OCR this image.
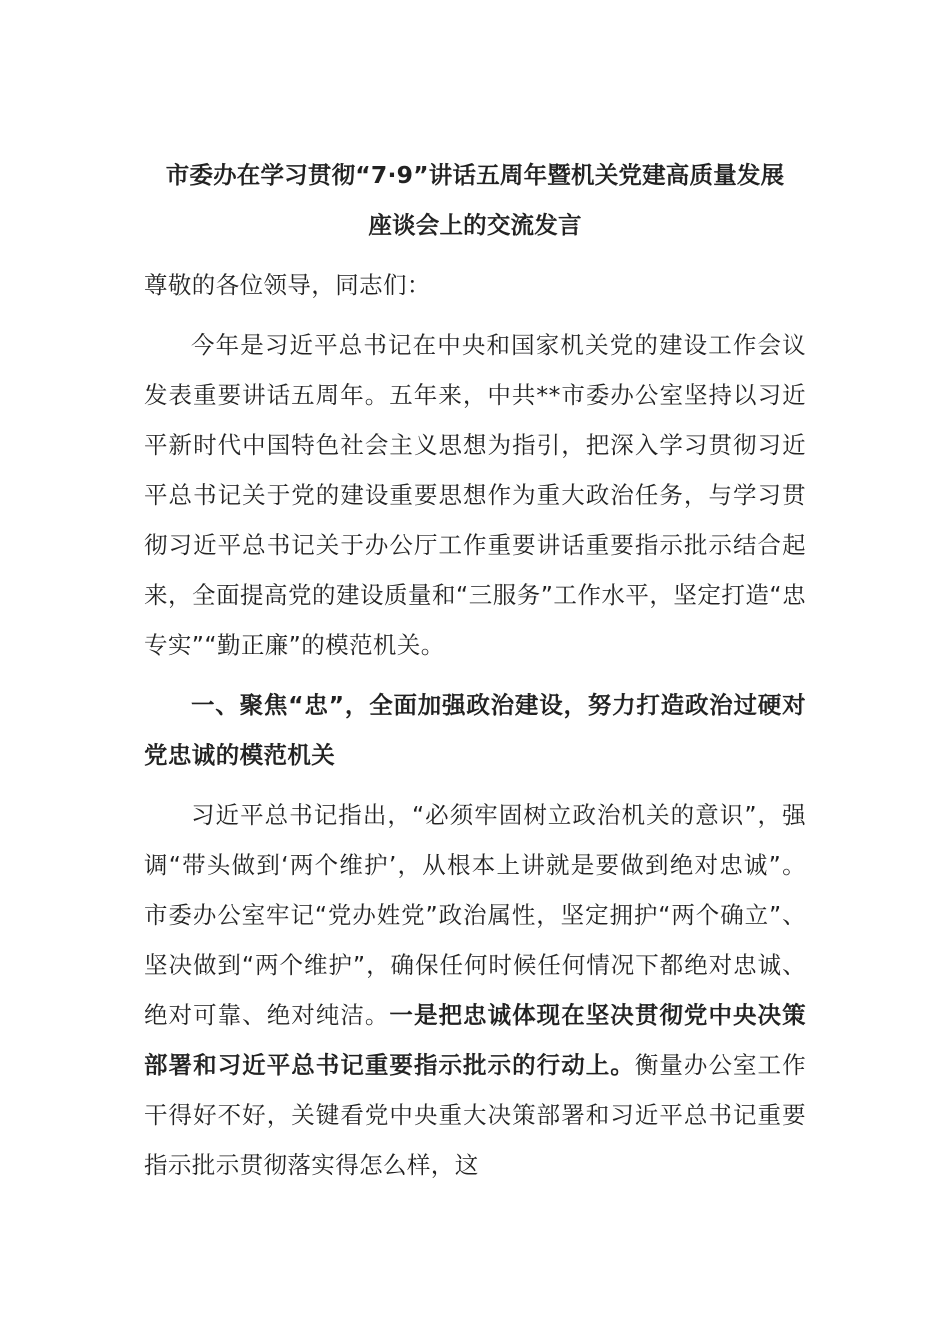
市委办在学习贯彻“7·9”讲话五周年暨机关党建高质量发展
座谈会上的交流发言

尊敬的各位领导，同志们：

今年是习近平总书记在中央和国家机关党的建设工作会议发表重要讲话五周年。五年来，中共**市委办公室坚持以习近平新时代中国特色社会主义思想为指引，把深入学习贯彻习近平总书记关于党的建设重要思想作为重大政治任务，与学习贯彻习近平总书记关于办公厅工作重要讲话重要指示批示结合起来，全面提高党的建设质量和“三服务”工作水平，坚定打造“忠专实”“勤正廉”的模范机关。

一、聚焦“忠”，全面加强政治建设，努力打造政治过硬对党忠诚的模范机关

习近平总书记指出，“必须牢固树立政治机关的意识”，强调“带头做到‘两个维护’，从根本上讲就是要做到绝对忠诚”。市委办公室牢记“党办姓党”政治属性，坚定拥护“两个确立”、坚决做到“两个维护”，确保任何时候任何情况下都绝对忠诚、绝对可靠、绝对纯洁。一是把忠诚体现在坚决贯彻党中央决策部署和习近平总书记重要指示批示的行动上。衡量办公室工作干得好不好，关键看党中央重大决策部署和习近平总书记重要指示批示贯彻落实得怎么样，这
